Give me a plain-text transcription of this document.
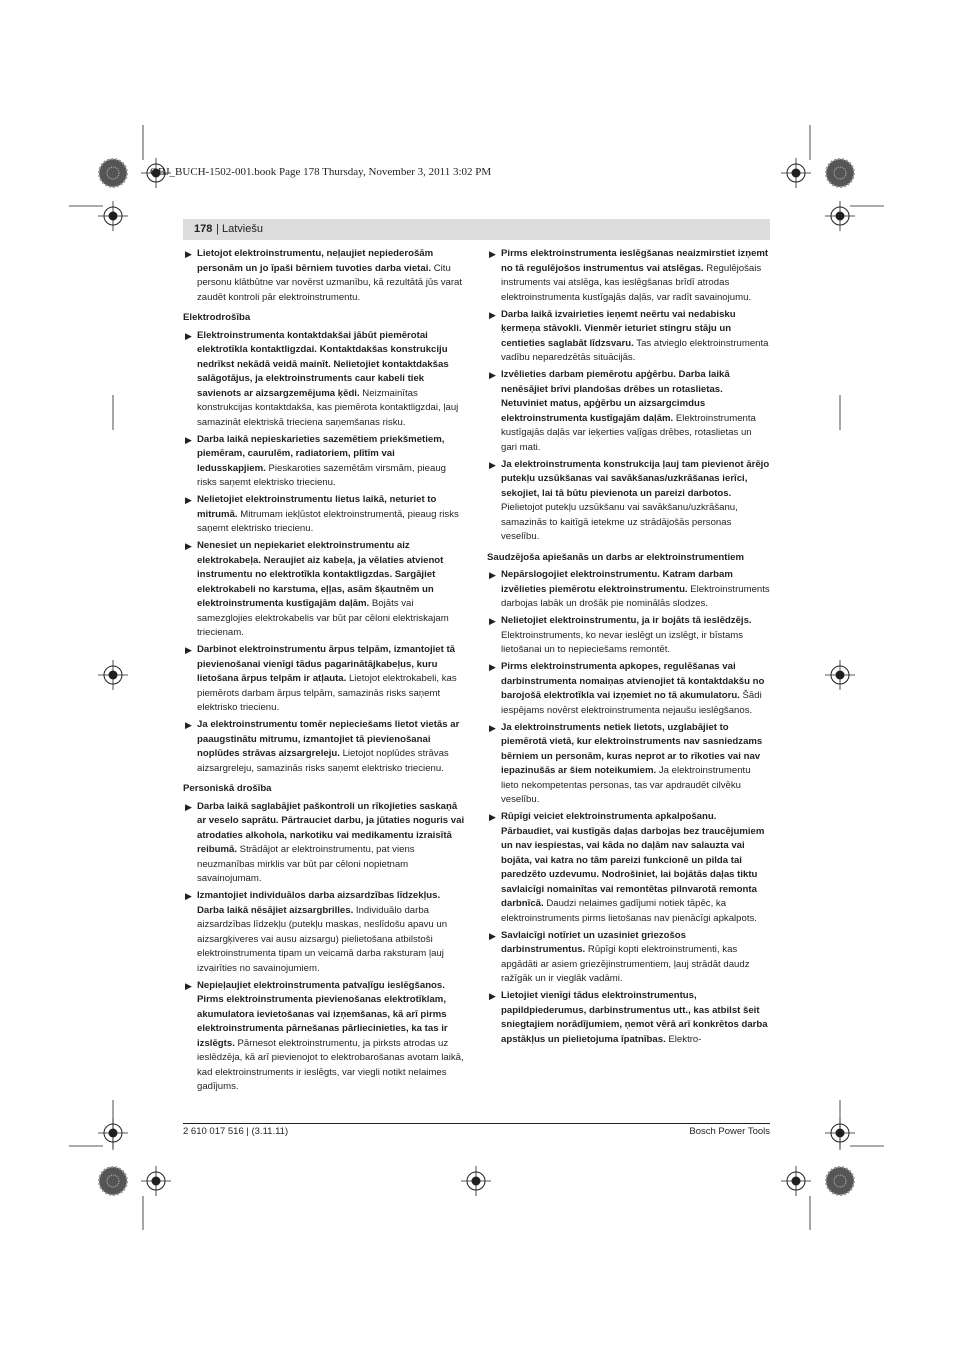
OBJ_BUCH-1502-001.book Page 178 Thursday, November 3, 2011 3:02 PM
178 | Latviešu
▶ Lietojot elektroinstrumentu, neļaujiet nepiederošām personām un jo īpaši bērniem tuvoties darba vietai. Citu personu klātbūtne var novērst uzmanību, kā rezultātā jūs varat zaudēt kontroli pār elektroinstrumentu.
Elektrodrošība
▶ Elektroinstrumenta kontaktdakšai jābūt piemērotai elektrotīkla kontaktligzdai. Kontaktdakšas konstrukciju nedrīkst nekādā veidā mainīt. Nelietojiet kontaktdakšas salāgotājus, ja elektroinstruments caur kabeli tiek savienots ar aizsargzemējuma ķēdi. Neizmainītas konstrukcijas kontaktdakša, kas piemērota kontaktligzdai, ļauj samazināt elektriskā trieciena saņemšanas risku.
▶ Darba laikā nepieskarieties sazemētiem priekšmetiem, piemēram, caurulēm, radiatoriem, plītīm vai ledusskapjiem. Pieskaroties sazemētām virsmām, pieaug risks saņemt elektrisko triecienu.
▶ Nelietojiet elektroinstrumentu lietus laikā, neturiet to mitrumā. Mitrumam iekļūstot elektroinstrumentā, pieaug risks saņemt elektrisko triecienu.
▶ Nenesiet un nepiekariet elektroinstrumentu aiz elektrokabeļa. Neraujiet aiz kabeļa, ja vēlaties atvienot instrumentu no elektrotīkla kontaktligzdas. Sargājiet elektrokabeli no karstuma, eļļas, asām šķautnēm un elektroinstrumenta kustīgajām daļām. Bojāts vai samezglojies elektrokabelis var būt par cēloni elektriskajam triecienam.
▶ Darbinot elektroinstrumentu ārpus telpām, izmantojiet tā pievienošanai vienīgi tādus pagarinātājkabeļus, kuru lietošana ārpus telpām ir atļauta. Lietojot elektrokabeli, kas piemērots darbam ārpus telpām, samazinās risks saņemt elektrisko triecienu.
▶ Ja elektroinstrumentu tomēr nepieciešams lietot vietās ar paaugstinātu mitrumu, izmantojiet tā pievienošanai noplūdes strāvas aizsargreleju. Lietojot noplūdes strāvas aizsargreleju, samazinās risks saņemt elektrisko triecienu.
Personiskā drošība
▶ Darba laikā saglabājiet paškontroli un rīkojieties saskaņā ar veselo saprātu. Pārtrauciet darbu, ja jūtaties noguris vai atrodaties alkohola, narkotiku vai medikamentu izraisītā reibumā. Strādājot ar elektroinstrumentu, pat viens neuzmanības mirklis var būt par cēloni nopietnam savainojumam.
▶ Izmantojiet individuālos darba aizsardzības līdzekļus. Darba laikā nēsājiet aizsargbrilles. Individuālo darba aizsardzības līdzekļu (putekļu maskas, neslīdošu apavu un aizsargķiveres vai ausu aizsargu) pielietošana atbilstoši elektroinstrumenta tipam un veicamā darba raksturam ļauj izvairīties no savainojumiem.
▶ Nepieļaujiet elektroinstrumenta patvaļīgu ieslēgšanos. Pirms elektroinstrumenta pievienošanas elektrotīklam, akumulatora ievietošanas vai izņemšanas, kā arī pirms elektroinstrumenta pārnešanas pārliecinieties, ka tas ir izslēgts. Pārnesot elektroinstrumentu, ja pirksts atrodas uz ieslēdzēja, kā arī pievienojot to elektrobarošanas avotam laikā, kad elektroinstruments ir ieslēgts, var viegli notikt nelaimes gadījums.
▶ Pirms elektroinstrumenta ieslēgšanas neaizmirstiet izņemt no tā regulējošos instrumentus vai atslēgas. Regulējošais instruments vai atslēga, kas ieslēgšanas brīdī atrodas elektroinstrumenta kustīgajās daļās, var radīt savainojumu.
▶ Darba laikā izvairieties ieņemt neērtu vai nedabisku ķermeņa stāvokli. Vienmēr ieturiet stingru stāju un centieties saglabāt līdzsvaru. Tas atvieglo elektroinstrumenta vadību neparedzētās situācijās.
▶ Izvēlieties darbam piemērotu apģērbu. Darba laikā nenēsājiet brīvi plandošas drēbes un rotaslietas. Netuviniet matus, apģērbu un aizsargcimdus elektroinstrumenta kustīgajām daļām. Elektroinstrumenta kustīgajās daļās var ieķerties vaļīgas drēbes, rotaslietas un gari mati.
▶ Ja elektroinstrumenta konstrukcija ļauj tam pievienot ārējo putekļu uzsūkšanas vai savākšanas/uzkrāšanas ierīci, sekojiet, lai tā būtu pievienota un pareizi darbotos. Pielietojot putekļu uzsūkšanu vai savākšanu/uzkrāšanu, samazinās to kaitīgā ietekme uz strādājošās personas veselību.
Saudzējoša apiešanās un darbs ar elektroinstrumentiem
▶ Nepārslogojiet elektroinstrumentu. Katram darbam izvēlieties piemērotu elektroinstrumentu. Elektroinstruments darbojas labāk un drošāk pie nominālās slodzes.
▶ Nelietojiet elektroinstrumentu, ja ir bojāts tā ieslēdzējs. Elektroinstruments, ko nevar ieslēgt un izslēgt, ir bīstams lietošanai un to nepieciešams remontēt.
▶ Pirms elektroinstrumenta apkopes, regulēšanas vai darbinstrumenta nomaiņas atvienojiet tā kontaktdakšu no barojošā elektrotīkla vai izņemiet no tā akumulatoru. Šādi iespējams novērst elektroinstrumenta nejaušu ieslēgšanos.
▶ Ja elektroinstruments netiek lietots, uzglabājiet to piemērotā vietā, kur elektroinstruments nav sasniedzams bērniem un personām, kuras neprot ar to rīkoties vai nav iepazinušās ar šiem noteikumiem. Ja elektroinstrumentu lieto nekompetentas personas, tas var apdraudēt cilvēku veselību.
▶ Rūpīgi veiciet elektroinstrumenta apkalpošanu. Pārbaudiet, vai kustīgās daļas darbojas bez traucējumiem un nav iespiestas, vai kāda no daļām nav salauzta vai bojāta, vai katra no tām pareizi funkcionē un pilda tai paredzēto uzdevumu. Nodrošiniet, lai bojātās daļas tiktu savlaicīgi nomainītas vai remontētas pilnvarotā remonta darbnīcā. Daudzi nelaimes gadījumi notiek tāpēc, ka elektroinstruments pirms lietošanas nav pienācīgi apkalpots.
▶ Savlaicīgi notīriet un uzasiniet griezošos darbinstrumentus. Rūpīgi kopti elektroinstrumenti, kas apgādāti ar asiem griezējinstrumentiem, ļauj strādāt daudz ražīgāk un ir vieglāk vadāmi.
▶ Lietojiet vienīgi tādus elektroinstrumentus, papildpiederumus, darbinstrumentus utt., kas atbilst šeit sniegtajiem norādījumiem, ņemot vērā arī konkrētos darba apstākļus un pielietojuma īpatnības. Elektro-
2 610 017 516 | (3.11.11)	Bosch Power Tools
